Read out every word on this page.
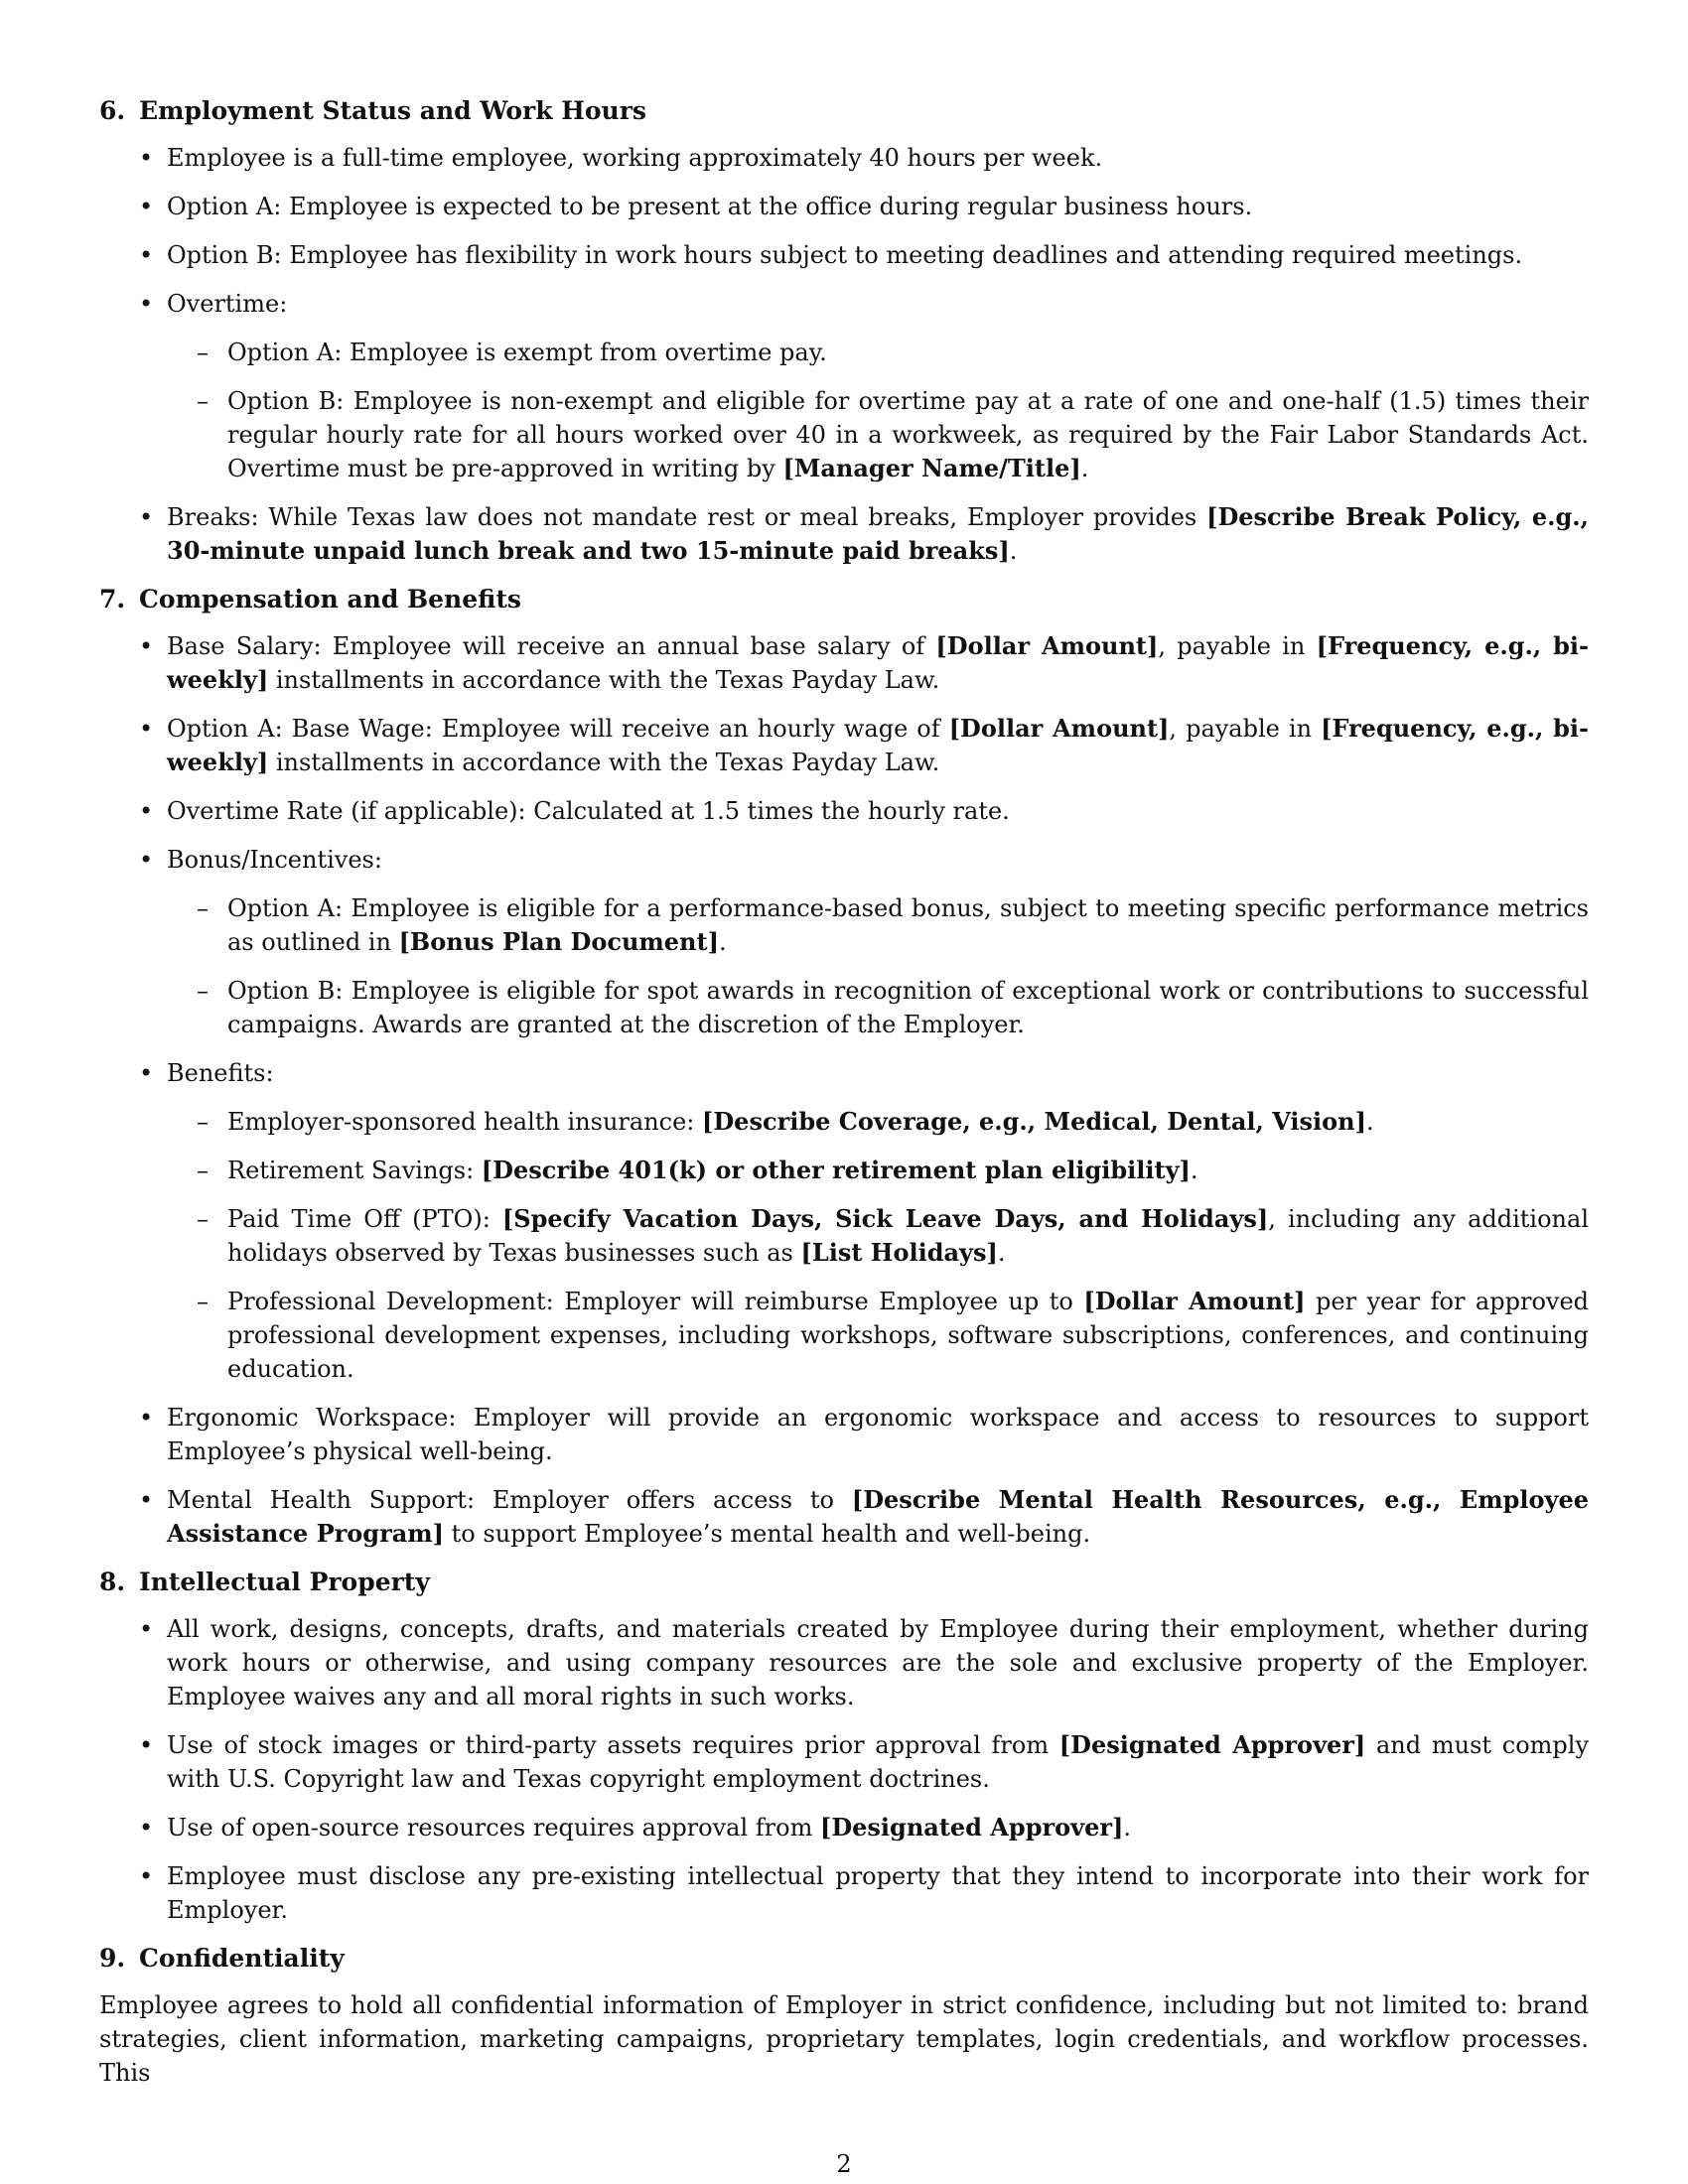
6. Employment Status and Work Hours

• Employee is a full-time employee, working approximately 40 hours per week.

• Option A: Employee is expected to be present at the office during regular business hours.

• Option B: Employee has flexibility in work hours subject to meeting deadlines and attending required meetings.

• Overtime:

– Option A: Employee is exempt from overtime pay.

– Option B: Employee is non-exempt and eligible for overtime pay at a rate of one and one-half (1.5) times their regular hourly rate for all hours worked over 40 in a workweek, as required by the Fair Labor Standards Act. Overtime must be pre-approved in writing by [Manager Name/Title].

• Breaks: While Texas law does not mandate rest or meal breaks, Employer provides [Describe Break Policy, e.g., 30-minute unpaid lunch break and two 15-minute paid breaks].

7. Compensation and Benefits

• Base Salary: Employee will receive an annual base salary of [Dollar Amount], payable in [Frequency, e.g., bi-weekly] installments in accordance with the Texas Payday Law.

• Option A: Base Wage: Employee will receive an hourly wage of [Dollar Amount], payable in [Frequency, e.g., bi-weekly] installments in accordance with the Texas Payday Law.

• Overtime Rate (if applicable): Calculated at 1.5 times the hourly rate.

• Bonus/Incentives:

– Option A: Employee is eligible for a performance-based bonus, subject to meeting specific performance metrics as outlined in [Bonus Plan Document].

– Option B: Employee is eligible for spot awards in recognition of exceptional work or contributions to successful campaigns. Awards are granted at the discretion of the Employer.

• Benefits:

– Employer-sponsored health insurance: [Describe Coverage, e.g., Medical, Dental, Vision].

– Retirement Savings: [Describe 401(k) or other retirement plan eligibility].

– Paid Time Off (PTO): [Specify Vacation Days, Sick Leave Days, and Holidays], including any additional holidays observed by Texas businesses such as [List Holidays].

– Professional Development: Employer will reimburse Employee up to [Dollar Amount] per year for approved professional development expenses, including workshops, software subscriptions, conferences, and continuing education.

• Ergonomic Workspace: Employer will provide an ergonomic workspace and access to resources to support Employee’s physical well-being.

• Mental Health Support: Employer offers access to [Describe Mental Health Resources, e.g., Employee Assistance Program] to support Employee’s mental health and well-being.

8. Intellectual Property

• All work, designs, concepts, drafts, and materials created by Employee during their employment, whether during work hours or otherwise, and using company resources are the sole and exclusive property of the Employer. Employee waives any and all moral rights in such works.

• Use of stock images or third-party assets requires prior approval from [Designated Approver] and must comply with U.S. Copyright law and Texas copyright employment doctrines.

• Use of open-source resources requires approval from [Designated Approver].

• Employee must disclose any pre-existing intellectual property that they intend to incorporate into their work for Employer.

9. Confidentiality

Employee agrees to hold all confidential information of Employer in strict confidence, including but not limited to: brand strategies, client information, marketing campaigns, proprietary templates, login credentials, and workflow processes. This

2
